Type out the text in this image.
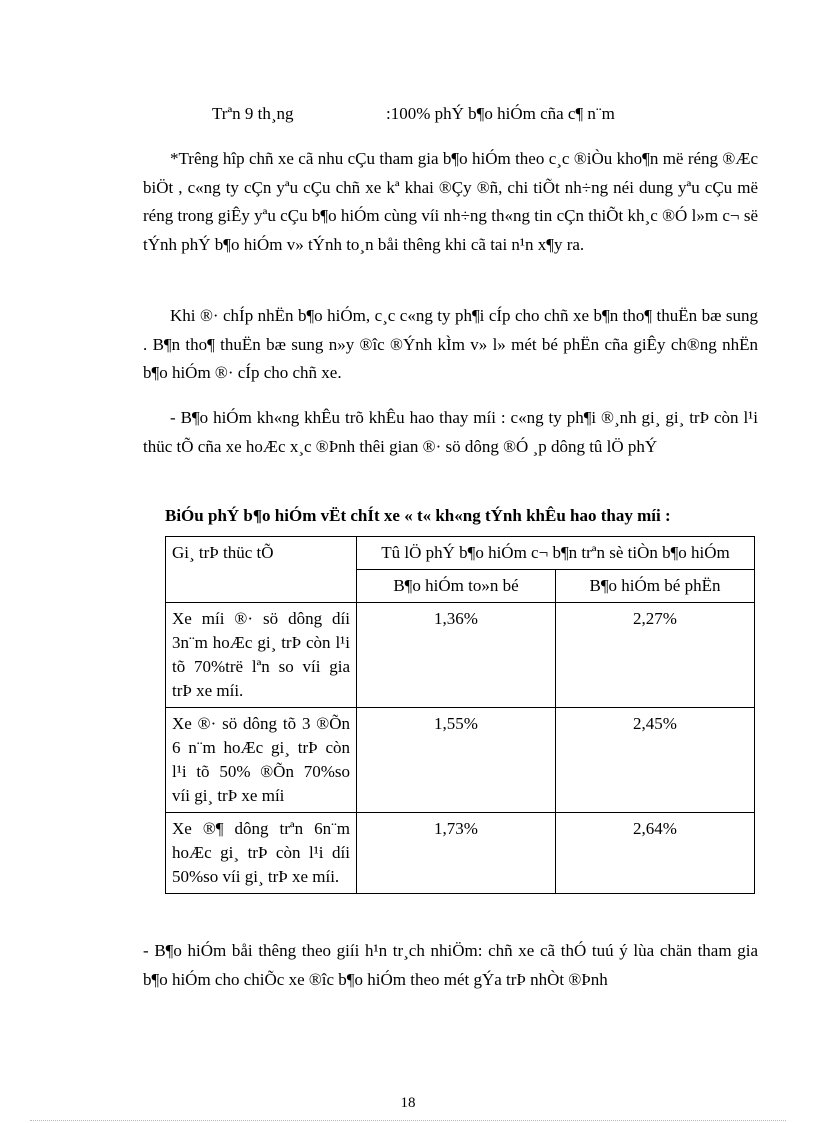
Trªn 9 th¸ng	:100% phÝ b¶o hiÓm cña c¶ n¨m
*Trêng hîp chñ xe cã nhu cÇu tham gia b¶o hiÓm theo c¸c ®iÒu kho¶n më réng ®Æc biÖt , c«ng ty cÇn yªu cÇu chñ xe kª khai ®Çy ®ñ, chi tiÕt nh÷ng néi dung yªu cÇu më réng trong giÊy yªu cÇu b¶o hiÓm cùng víi nh÷ng th«ng tin cÇn thiÕt kh¸c ®Ó l»m c¬ së tÝnh phÝ b¶o hiÓm v» tÝnh to¸n båi thêng khi cã tai n¹n x¶y ra.
Khi ®· chÍp nhËn b¶o hiÓm, c¸c c«ng ty ph¶i cÍp cho chñ xe b¶n tho¶ thuËn bæ sung . B¶n tho¶ thuËn bæ sung n»y ®îc ®Ýnh kÌm v» l» mét bé phËn cña giÊy ch®ng nhËn b¶o hiÓm ®· cÍp cho chñ xe.
- B¶o hiÓm kh«ng khÊu trõ khÊu hao thay míi : c«ng ty ph¶i ®¸nh gi¸ gi¸ trÞ còn l¹i thüc tÕ cña xe hoÆc x¸c ®Þnh thêi gian ®· sö dông ®Ó ¸p dông tû lÖ phÝ
BiÓu phÝ b¶o hiÓm vËt chÍt xe « t« kh«ng tÝnh khÊu hao thay míi :
Gi¸ trÞ thüc tÕ	Tû lÖ phÝ b¶o hiÓm c¬ b¶n trªn sè tiÒn b¶o hiÓm	
	B¶o hiÓm to»n bé	B¶o hiÓm bé phËn
Xe míi ®· sö dông díi 3n¨m hoÆc gi¸ trÞ còn l¹i tõ 70%trë lªn so víi gia trÞ xe míi.	1,36%	2,27%
Xe ®· sö dông tõ 3 ®Õn 6 n¨m hoÆc gi¸ trÞ còn l¹i tõ 50% ®Õn 70%so víi gi¸ trÞ xe míi	1,55%	2,45%
Xe ®¶ dông trªn 6n¨m hoÆc gi¸ trÞ còn l¹i díi 50%so víi gi¸ trÞ xe míi.	1,73%	2,64%
- B¶o hiÓm båi thêng theo giíi h¹n tr¸ch nhiÖm: chñ xe cã thÓ tuú ý lùa chän tham gia b¶o hiÓm cho chiÕc xe ®îc b¶o hiÓm theo mét gÝa trÞ nhÒt ®Þnh
18
